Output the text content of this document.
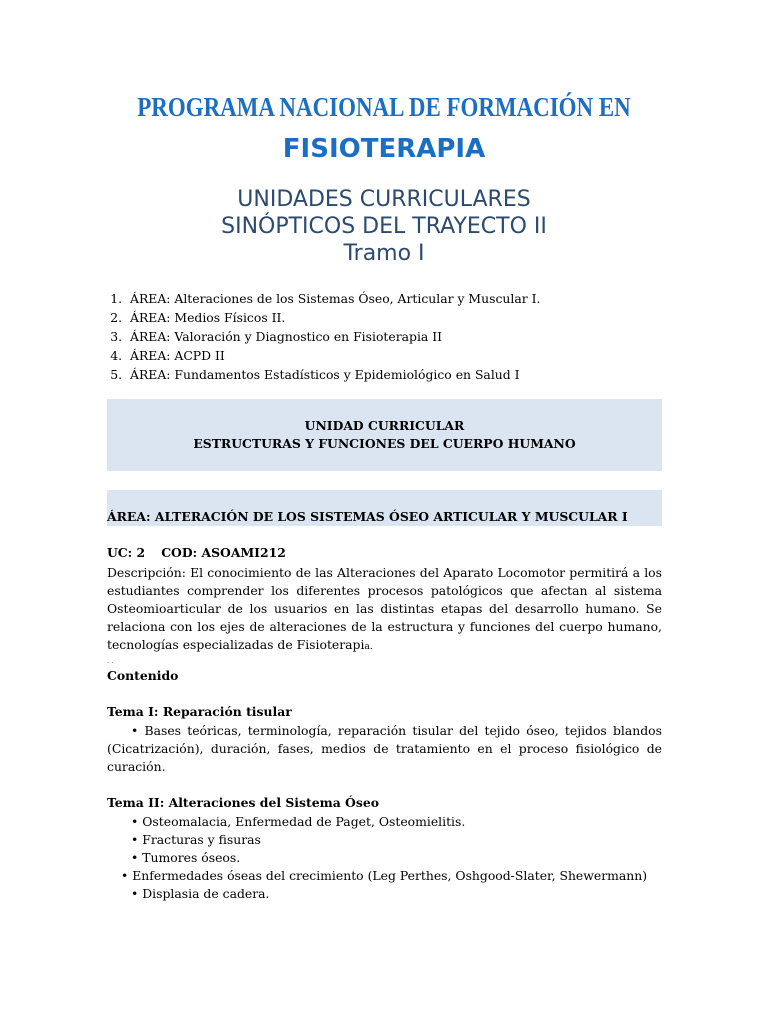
PROGRAMA NACIONAL DE FORMACIÓN EN
FISIOTERAPIA
UNIDADES CURRICULARES
SINÓPTICOS DEL TRAYECTO II
Tramo I
1. ÁREA: Alteraciones de los Sistemas Óseo, Articular y Muscular I.
2. ÁREA: Medios Físicos II.
3. ÁREA: Valoración y Diagnostico en Fisioterapia II
4. ÁREA: ACPD II
5. ÁREA: Fundamentos Estadísticos y Epidemiológico en Salud I
UNIDAD CURRICULAR
ESTRUCTURAS Y FUNCIONES DEL CUERPO HUMANO
ÁREA: ALTERACIÓN DE LOS SISTEMAS ÓSEO ARTICULAR Y MUSCULAR I
UC: 2 COD: ASOAMI212
Descripción: El conocimiento de las Alteraciones del Aparato Locomotor permitirá a los estudiantes comprender los diferentes procesos patológicos que afectan al sistema Osteomioarticular de los usuarios en las distintas etapas del desarrollo humano. Se relaciona con los ejes de alteraciones de la estructura y funciones del cuerpo humano, tecnologías especializadas de Fisioterapia.
. .
Contenido
Tema I: Reparación tisular
• Bases teóricas, terminología, reparación tisular del tejido óseo, tejidos blandos (Cicatrización), duración, fases, medios de tratamiento en el proceso fisiológico de curación.
Tema II: Alteraciones del Sistema Óseo
• Osteomalacia, Enfermedad de Paget, Osteomielitis.
• Fracturas y fisuras
• Tumores óseos.
• Enfermedades óseas del crecimiento (Leg Perthes, Oshgood-Slater, Shewermann)
• Displasia de cadera.
